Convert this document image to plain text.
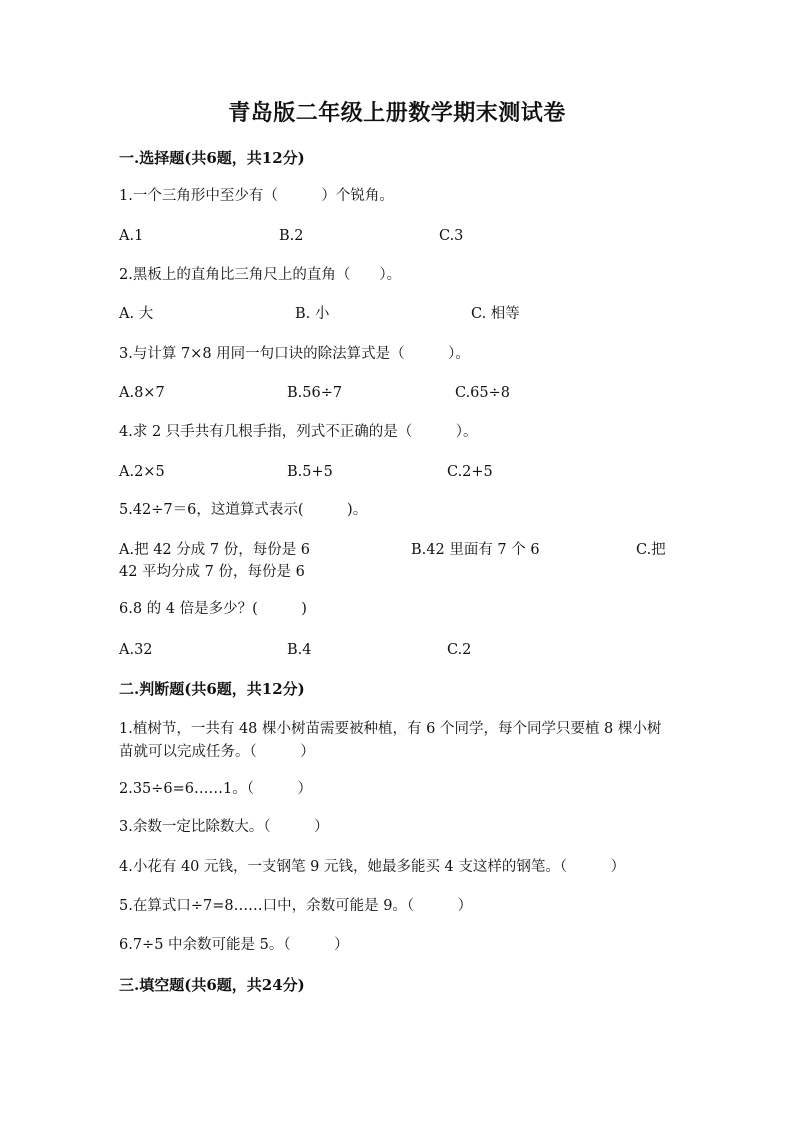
青岛版二年级上册数学期末测试卷
一.选择题(共6题，共12分)
1.一个三角形中至少有（　　　）个锐角。
A.1	B.2	C.3
2.黑板上的直角比三角尺上的直角（　　）。
A. 大	B. 小	C. 相等
3.与计算 7×8 用同一句口诀的除法算式是（　　　）。
A.8×7	B.56÷7	C.65÷8
4.求 2 只手共有几根手指，列式不正确的是（　　　）。
A.2×5	B.5+5	C.2+5
5.42÷7＝6，这道算式表示(　　　)。
A.把 42 分成 7 份，每份是 6	B.42 里面有 7 个 6	C.把
42 平均分成 7 份，每份是 6
6.8 的 4 倍是多少？(　　　)
A.32	B.4	C.2
二.判断题(共6题，共12分)
1.植树节，一共有 48 棵小树苗需要被种植，有 6 个同学，每个同学只要植 8 棵小树苗就可以完成任务。（　　　）
2.35÷6=6……1。（　　　）
3.余数一定比除数大。（　　　）
4.小花有 40 元钱，一支钢笔 9 元钱，她最多能买 4 支这样的钢笔。（　　　）
5.在算式口÷7=8……口中，余数可能是 9。（　　　）
6.7÷5 中余数可能是 5。（　　　）
三.填空题(共6题，共24分)
